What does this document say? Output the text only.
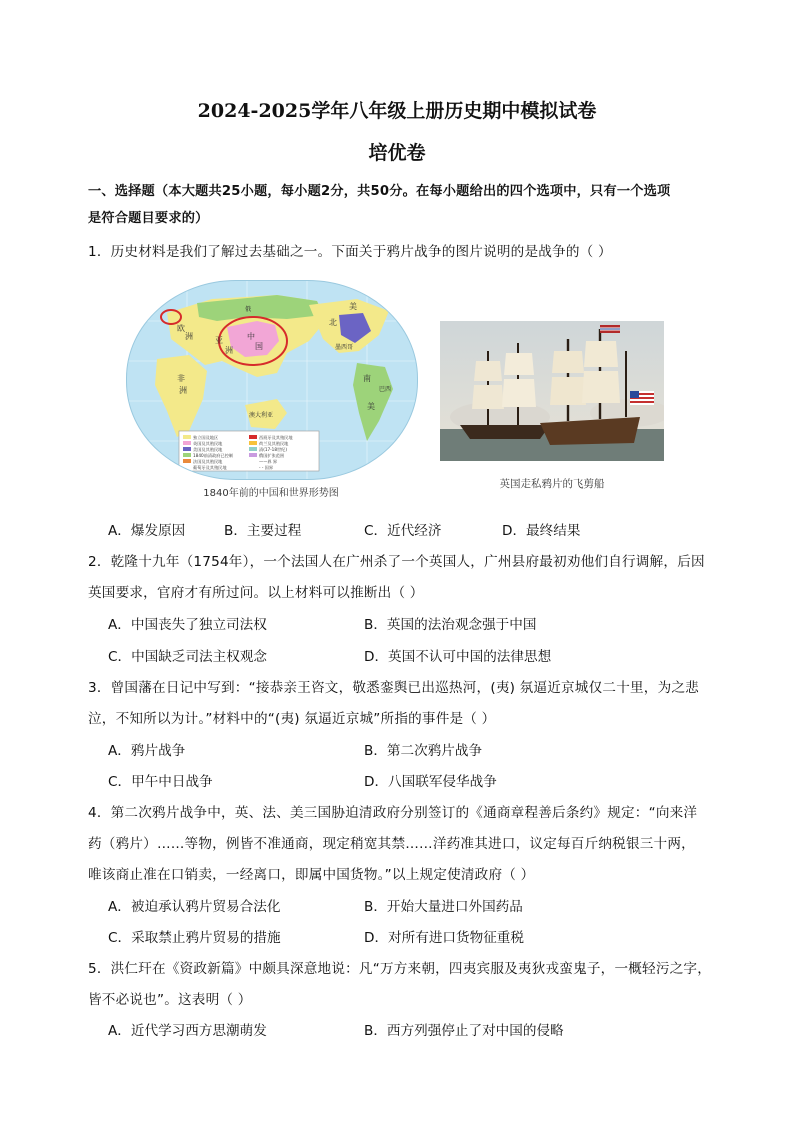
2024-2025学年八年级上册历史期中模拟试卷
培优卷
一、选择题（本大题共25小题，每小题2分，共50分。在每小题给出的四个选项中，只有一个选项
是符合题目要求的）
1．历史材料是我们了解过去基础之一。下面关于鸦片战争的图片说明的是战争的（ ）
独立国及地区
英国及其殖民地
美国及其殖民地
1840前清政府已控制
法国及其殖民地
葡萄牙及其殖民地
西班牙及其殖民地
荷兰及其殖民地
清(17-18世纪)
俄国扩张范围
——界 界
- - 国界
中
国
亚
洲
欧
洲
非
洲
澳大利亚
北
美
南
美
巴 西
俄
墨 西 哥
1840年前的中国和世界形势图
英国走私鸦片的飞剪船
A．爆发原因	B．主要过程	C．近代经济	D．最终结果
2．乾隆十九年（1754年），一个法国人在广州杀了一个英国人，广州县府最初劝他们自行调解，后因
英国要求，官府才有所过问。以上材料可以推断出（ ）
A．中国丧失了独立司法权	B．英国的法治观念强于中国
C．中国缺乏司法主权观念	D．英国不认可中国的法律思想
3．曾国藩在日记中写到：“接恭亲王咨文，敬悉銮舆已出巡热河，(夷) 氛逼近京城仅二十里，为之悲
泣，不知所以为计。”材料中的“(夷) 氛逼近京城”所指的事件是（ ）
A．鸦片战争	B．第二次鸦片战争
C．甲午中日战争	D．八国联军侵华战争
4．第二次鸦片战争中，英、法、美三国胁迫清政府分别签订的《通商章程善后条约》规定：“向来洋
药（鸦片）……等物，例皆不准通商，现定稍宽其禁……洋药准其进口，议定每百斤纳税银三十两，
唯该商止准在口销卖，一经离口，即属中国货物。”以上规定使清政府（ ）
A．被迫承认鸦片贸易合法化	B．开始大量进口外国药品
C．采取禁止鸦片贸易的措施	D．对所有进口货物征重税
5．洪仁玕在《资政新篇》中颇具深意地说：凡“万方来朝，四夷宾服及夷狄戎蛮鬼子，一概轻污之字，
皆不必说也”。这表明（ ）
A．近代学习西方思潮萌发	B．西方列强停止了对中国的侵略
